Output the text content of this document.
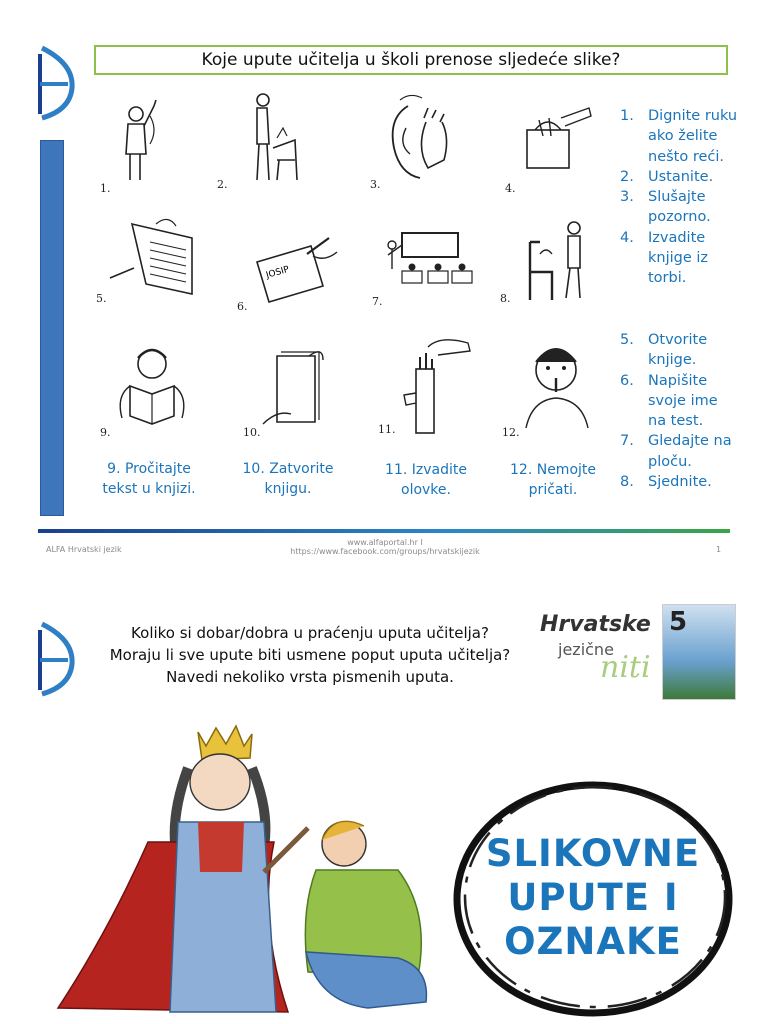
Koje upute učitelja u školi prenose sljedeće slike?
1.	2.	3.	4.
5.
JOSIP
6.	7.	8.
9.	10.	11.	12.
9. Pročitajte tekst u knjizi.
10. Zatvorite knjigu.
11. Izvadite olovke.
12. Nemojte pričati.
1. Dignite ruku ako želite nešto reći.
2. Ustanite.
3. Slušajte pozorno.
4. Izvadite knjige iz torbi.
5. Otvorite knjige.
6. Napišite svoje ime na test.
7. Gledajte na ploču.
8. Sjednite.
ALFA Hrvatski jezik
www.alfaportal.hr I
https://www.facebook.com/groups/hrvatskijezik	1
Koliko si dobar/dobra u praćenju uputa učitelja?
Moraju li sve upute biti usmene poput uputa učitelja?
Navedi nekoliko vrsta pismenih uputa.
Hrvatske
jezične
niti
5
SLIKOVNE
UPUTE I
OZNAKE
